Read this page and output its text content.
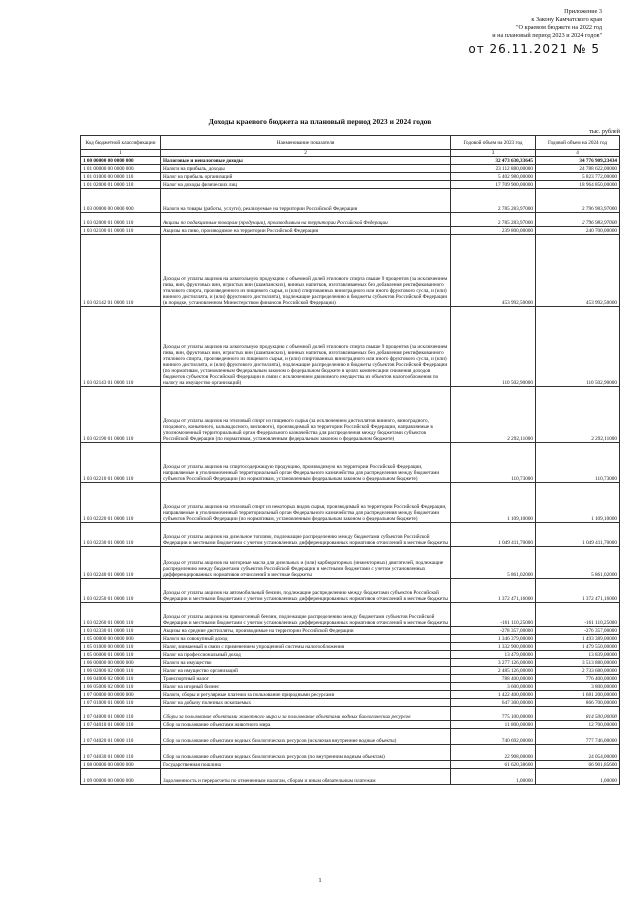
Приложение 3
к Закону Камчатского края
"О краевом бюджете на 2022 год
и на плановый период 2023 и 2024 годов"
от 26.11.2021 № 5
Доходы краевого бюджета на плановый период 2023 и 2024 годов
тыс. рублей
Код бюджетной классификации	Наименование показателя	Годовой объем на 2023 год	Годовой объем на 2024 год
1	2	3	4
1 00 00000 00 0000 000	Налоговые и неналоговые доходы	32 473 630,33645	34 776 909,23434
1 01 00000 00 0000 000	Налоги на прибыль, доходы	23 112 880,00000	24 788 622,00000
1 01 01000 00 0000 110	Налог на прибыль организаций	5 402 980,00000	5 823 772,00000
1 01 02000 01 0000 110	Налог на доходы физических лиц	17 709 900,00000	18 964 850,00000
1 03 00000 00 0000 000	Налоги на товары (работы, услуги), реализуемые на территории Российской Федерации	2 785 283,97000	2 796 983,97000
1 03 02000 01 0000 110	Акцизы по подакцизным товарам (продукции), производимым на территории Российской Федерации	2 785 283,97000	2 796 983,97000
1 03 02100 01 0000 110	Акцизы на пиво, производимое на территории Российской Федерации	239 800,00000	240 700,00000
1 03 02142 01 0000 110	Доходы от уплаты акцизов на алкогольную продукцию с объемной долей этилового спирта свыше 9 процентов (за исключением пива, вин, фруктовых вин, игристых вин (шампанских), винных напитков, изготавливаемых без добавления ректификованного этилового спирта, произведенного из пищевого сырья, и (или) спиртованных виноградного или иного фруктового сусла, и (или) винного дистиллята, и (или) фруктового дистиллята), подлежащие распределению в бюджеты субъектов Российской Федерации (в порядке, установленном Министерством финансов Российской Федерации)	453 992,50000	453 992,50000
1 03 02143 01 0000 110	Доходы от уплаты акцизов на алкогольную продукцию с объемной долей этилового спирта свыше 9 процентов (за исключением пива, вин, фруктовых вин, игристых вин (шампанских), винных напитков, изготавливаемых без добавления ректификованного этилового спирта, произведенного из пищевого сырья, и (или) спиртованных виноградного или иного фруктового сусла, и (или) винного дистиллята, и (или) фруктового дистиллята), подлежащие распределению в бюджеты субъектов Российской Федерации (по нормативам, установленным Федеральным законом о федеральном бюджете в целях компенсации снижения доходов бюджетов субъектов Российской Федерации в связи с исключением движимого имущества из объектов налогообложения по налогу на имущество организаций)	110 502,90000	110 502,90000
1 03 02190 01 0000 110	Доходы от уплаты акцизов на этиловый спирт из пищевого сырья (за исключением дистиллятов винного, виноградного, плодового, коньячного, кальвадосного, вискового), производимый на территории Российской Федерации, направляемые в уполномоченный территориальный орган Федерального казначейства для распределения между бюджетами субъектов Российской Федерации (по нормативам, установленным федеральным законом о федеральном бюджете)	2 292,11000	2 292,11000
1 03 02210 01 0000 110	Доходы от уплаты акцизов на спиртосодержащую продукцию, производимую на территории Российской Федерации, направляемые в уполномоченный территориальный орган Федерального казначейства для распределения между бюджетами субъектов Российской Федерации (по нормативам, установленным федеральным законом о федеральном бюджете)	110,73000	110,73000
1 03 02220 01 0000 110	Доходы от уплаты акцизов на этиловый спирт из некоторых видов сырья, производимый на территории Российской Федерации, направляемые в уполномоченный территориальный орган Федерального казначейства для распределения между бюджетами субъектов Российской Федерации (по нормативам, установленным федеральным законом о федеральном бюджете)	1 109,10000	1 109,10000
1 03 02230 01 0000 110	Доходы от уплаты акцизов на дизельное топливо, подлежащие распределению между бюджетами субъектов Российской Федерации и местными бюджетами с учетом установленных дифференцированных нормативов отчислений в местные бюджеты	1 049 411,70000	1 049 411,70000
1 03 02240 01 0000 110	Доходы от уплаты акцизов на моторные масла для дизельных и (или) карбюраторных (инжекторных) двигателей, подлежащие распределению между бюджетами субъектов Российской Федерации и местными бюджетами с учетом установленных дифференцированных нормативов отчислений в местные бюджеты	5 861,02000	5 861,02000
1 03 02250 01 0000 110	Доходы от уплаты акцизов на автомобильный бензин, подлежащие распределению между бюджетами субъектов Российской Федерации и местными бюджетами с учетом установленных дифференцированных нормативов отчислений в местные бюджеты	1 372 471,16000	1 372 471,16000
1 03 02260 01 0000 110	Доходы от уплаты акцизов на прямогонный бензин, подлежащие распределению между бюджетами субъектов Российской Федерации и местными бюджетами с учетом установленных дифференцированных нормативов отчислений в местные бюджеты	-161 110,25000	-161 110,25000
1 03 02330 01 0000 110	Акцизы на средние дистилляты, производимые на территории Российской Федерации	-278 357,00000	-276 357,00000
1 05 00000 00 0000 000	Налоги на совокупный доход	1 346 379,00000	1 493 389,00000
1 05 01000 00 0000 110	Налог, взимаемый в связи с применением упрощенной системы налогообложения	1 332 900,00000	1 479 550,00000
1 05 06000 01 0000 110	Налог на профессиональный доход	13 479,00000	13 839,00000
1 06 00000 00 0000 000	Налоги на имущество	3 277 126,00000	3 513 880,00000
1 06 02000 02 0000 110	Налог на имущество организаций	2 485 126,00000	2 733 680,00000
1 06 04000 02 0000 110	Транспортный налог	788 400,00000	776 400,00000
1 06 05000 02 0000 110	Налог на игорный бизнес	3 600,00000	3 800,00000
1 07 00000 00 0000 000	Налоги, сборы и регулярные платежи за пользование природными ресурсами	1 422 400,00000	1 681 200,00000
1 07 01000 01 0000 110	Налог на добычу полезных ископаемых	647 300,00000	866 700,00000
1 07 04000 01 0000 110	Сборы за пользование объектами животного мира и за пользование объектами водных биологических ресурсов	775 100,00000	814 500,00000
1 07 04010 01 0000 110	Сбор за пользование объектами животного мира	11 800,00000	12 700,00000
1 07 04020 01 0000 110	Сбор за пользование объектами водных биологических ресурсов (исключая внутренние водные объекты)	740 692,00000	777 746,00000
1 07 04030 01 0000 110	Сбор за пользование объектами водных биологических ресурсов (по внутренним водным объектам)	22 908,00000	24 054,00000
1 08 00000 00 0000 000	Государственная пошлина	61 620,38600	66 901,85600
1 09 00000 00 0000 000	Задолженность и перерасчеты по отмененным налогам, сборам и иным обязательным платежам	1,00000	1,00000
1
